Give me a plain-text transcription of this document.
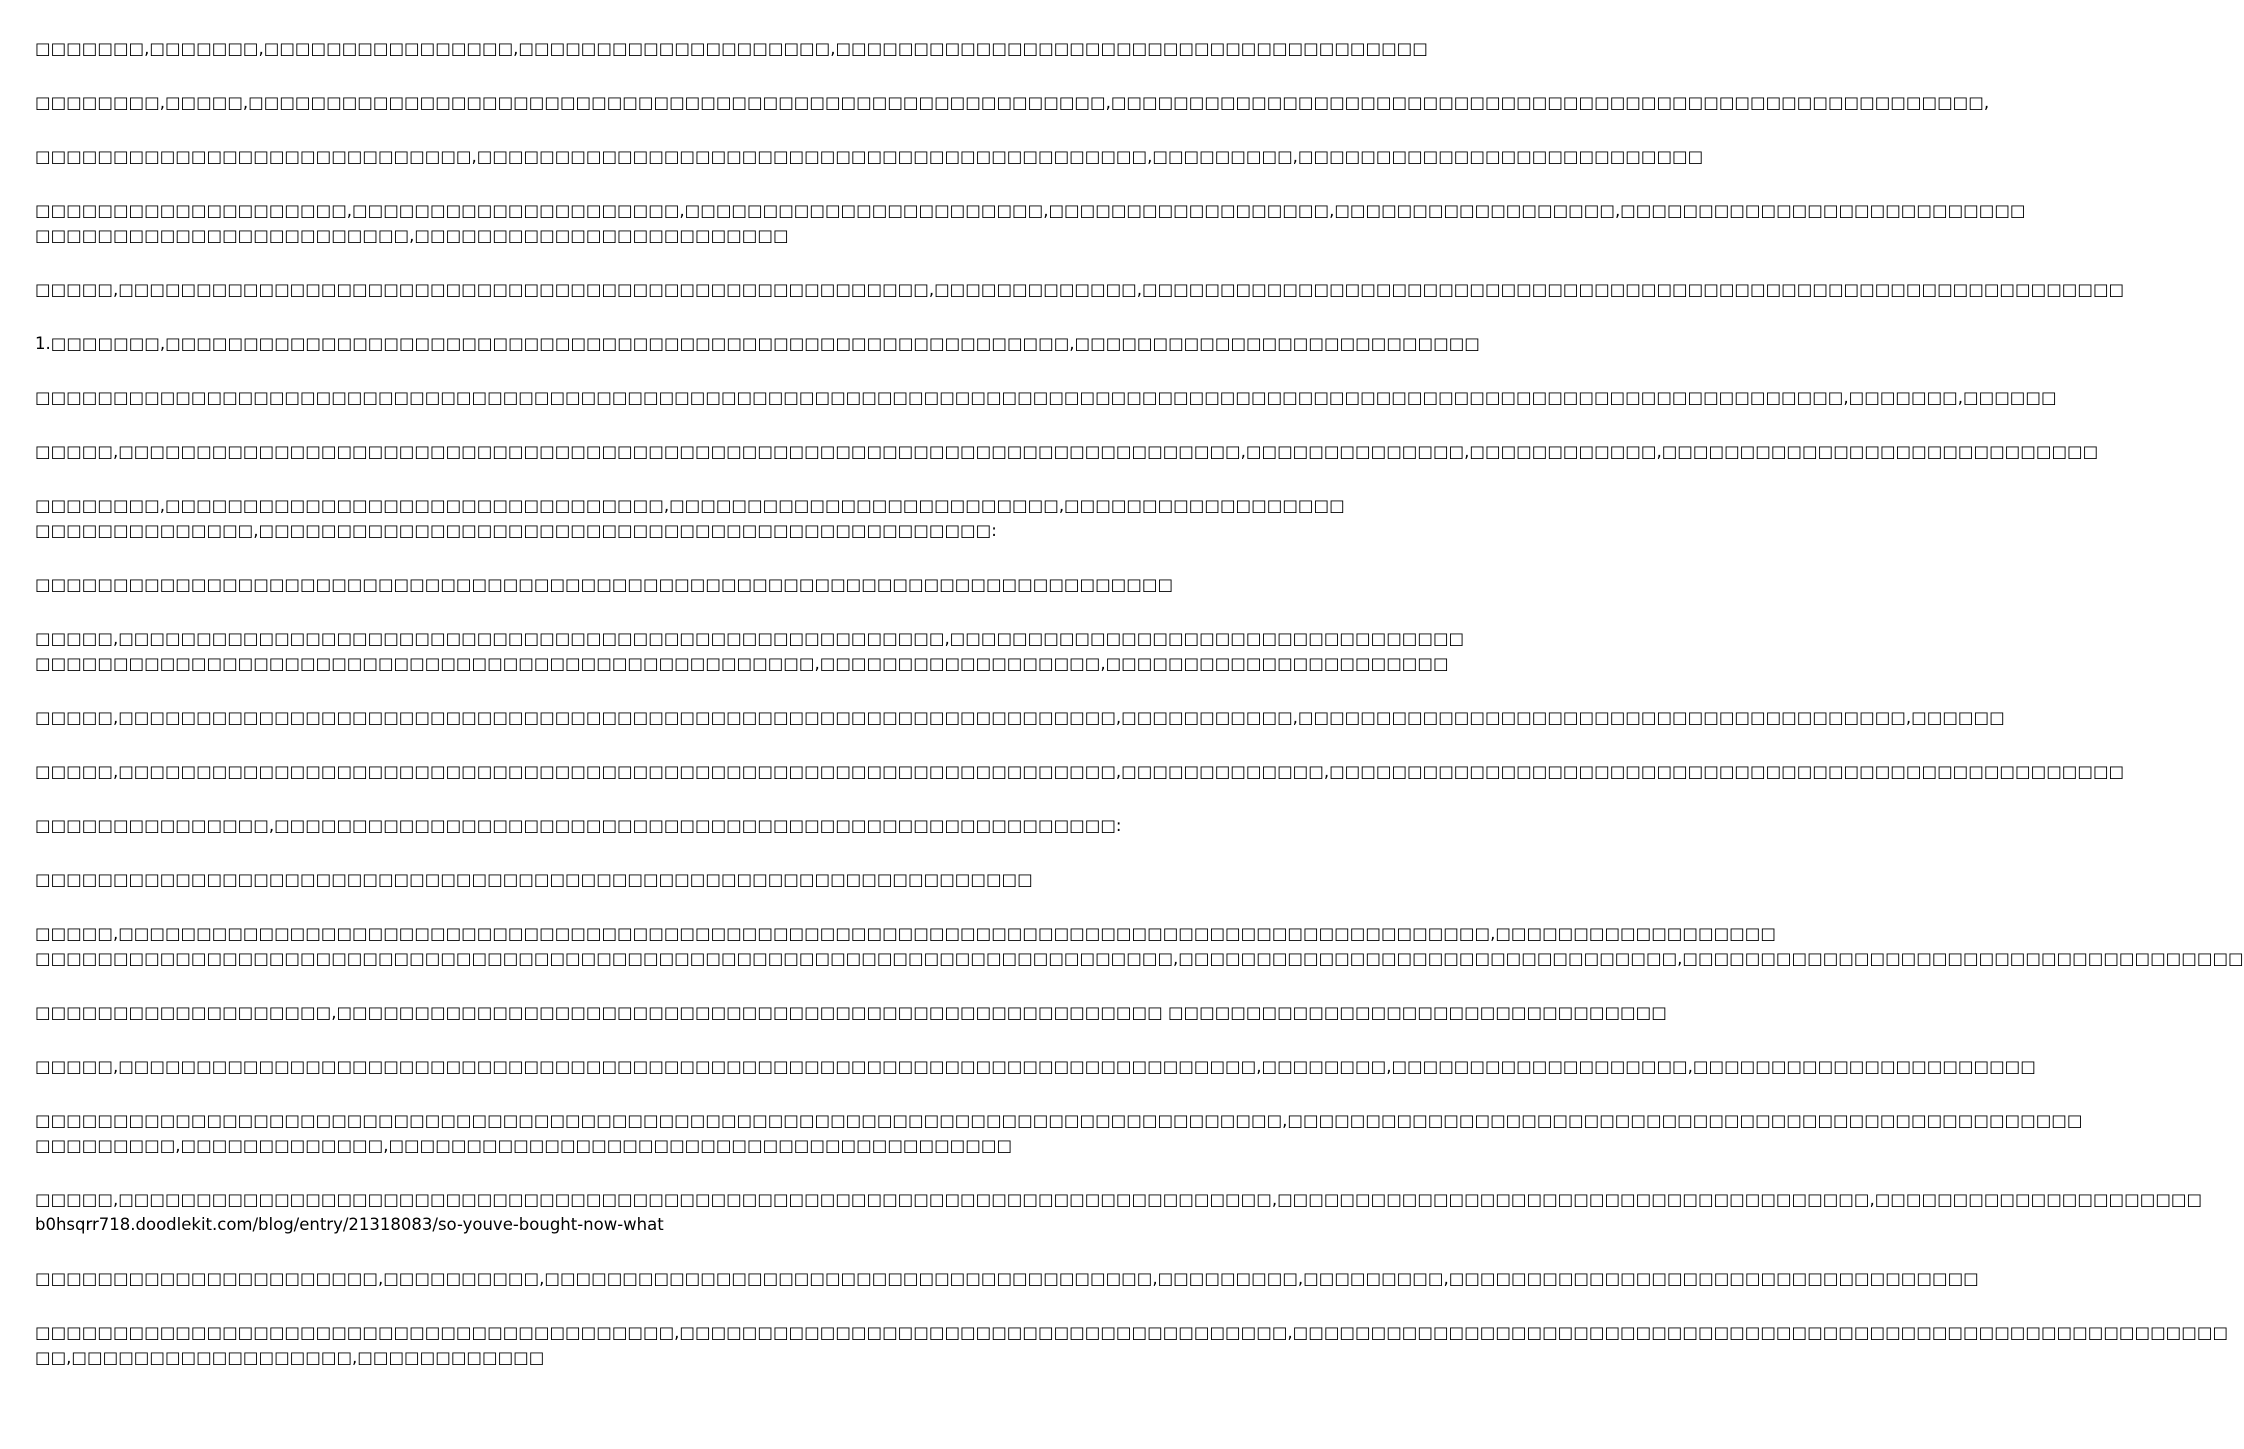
□□□□□□□,□□□□□□□,□□□□□□□□□□□□□□□□,□□□□□□□□□□□□□□□□□□□□,□□□□□□□□□□□□□□□□□□□□□□□□□□□□□□□□□□□□□□

□□□□□□□□,□□□□□,□□□□□□□□□□□□□□□□□□□□□□□□□□□□□□□□□□□□□□□□□□□□□□□□□□□□□□□,□□□□□□□□□□□□□□□□□□□□□□□□□□□□□□□□□□□□□□□□□□□□□□□□□□□□□□□□,

□□□□□□□□□□□□□□□□□□□□□□□□□□□□,□□□□□□□□□□□□□□□□□□□□□□□□□□□□□□□□□□□□□□□□□□□,□□□□□□□□□,□□□□□□□□□□□□□□□□□□□□□□□□□□

□□□□□□□□□□□□□□□□□□□□,□□□□□□□□□□□□□□□□□□□□□,□□□□□□□□□□□□□□□□□□□□□□□,□□□□□□□□□□□□□□□□□□,□□□□□□□□□□□□□□□□□□,□□□□□□□□□□□□□□□□□□□□□□□□□□
□□□□□□□□□□□□□□□□□□□□□□□□,□□□□□□□□□□□□□□□□□□□□□□□□

□□□□□,□□□□□□□□□□□□□□□□□□□□□□□□□□□□□□□□□□□□□□□□□□□□□□□□□□□□,□□□□□□□□□□□□□,□□□□□□□□□□□□□□□□□□□□□□□□□□□□□□□□□□□□□□□□□□□□□□□□□□□□□□□□□□□□□□□

1.□□□□□□□,□□□□□□□□□□□□□□□□□□□□□□□□□□□□□□□□□□□□□□□□□□□□□□□□□□□□□□□□□□,□□□□□□□□□□□□□□□□□□□□□□□□□□

□□□□□□□□□□□□□□□□□□□□□□□□□□□□□□□□□□□□□□□□□□□□□□□□□□□□□□□□□□□□□□□□□□□□□□□□□□□□□□□□□□□□□□□□□□□□□□□□□□□□□□□□□□□□□□□□□□□□,□□□□□□□,□□□□□□

□□□□□,□□□□□□□□□□□□□□□□□□□□□□□□□□□□□□□□□□□□□□□□□□□□□□□□□□□□□□□□□□□□□□□□□□□□□□□□,□□□□□□□□□□□□□□,□□□□□□□□□□□□,□□□□□□□□□□□□□□□□□□□□□□□□□□□□

□□□□□□□□,□□□□□□□□□□□□□□□□□□□□□□□□□□□□□□□□,□□□□□□□□□□□□□□□□□□□□□□□□□,□□□□□□□□□□□□□□□□□□
□□□□□□□□□□□□□□,□□□□□□□□□□□□□□□□□□□□□□□□□□□□□□□□□□□□□□□□□□□□□□□:

□□□□□□□□□□□□□□□□□□□□□□□□□□□□□□□□□□□□□□□□□□□□□□□□□□□□□□□□□□□□□□□□□□□□□□□□□

□□□□□,□□□□□□□□□□□□□□□□□□□□□□□□□□□□□□□□□□□□□□□□□□□□□□□□□□□□□,□□□□□□□□□□□□□□□□□□□□□□□□□□□□□□□□□
□□□□□□□□□□□□□□□□□□□□□□□□□□□□□□□□□□□□□□□□□□□□□□□□□□,□□□□□□□□□□□□□□□□□□,□□□□□□□□□□□□□□□□□□□□□□

□□□□□,□□□□□□□□□□□□□□□□□□□□□□□□□□□□□□□□□□□□□□□□□□□□□□□□□□□□□□□□□□□□□□□□,□□□□□□□□□□□,□□□□□□□□□□□□□□□□□□□□□□□□□□□□□□□□□□□□□□□,□□□□□□

□□□□□,□□□□□□□□□□□□□□□□□□□□□□□□□□□□□□□□□□□□□□□□□□□□□□□□□□□□□□□□□□□□□□□□,□□□□□□□□□□□□□,□□□□□□□□□□□□□□□□□□□□□□□□□□□□□□□□□□□□□□□□□□□□□□□□□□□

□□□□□□□□□□□□□□□,□□□□□□□□□□□□□□□□□□□□□□□□□□□□□□□□□□□□□□□□□□□□□□□□□□□□□□:

□□□□□□□□□□□□□□□□□□□□□□□□□□□□□□□□□□□□□□□□□□□□□□□□□□□□□□□□□□□□□□□□

□□□□□,□□□□□□□□□□□□□□□□□□□□□□□□□□□□□□□□□□□□□□□□□□□□□□□□□□□□□□□□□□□□□□□□□□□□□□□□□□□□□□□□□□□□□□□□,□□□□□□□□□□□□□□□□□□
□□□□□□□□□□□□□□□□□□□□□□□□□□□□□□□□□□□□□□□□□□□□□□□□□□□□□□□□□□□□□□□□□□□□□□□□□,□□□□□□□□□□□□□□□□□□□□□□□□□□□□□□□□,□□□□□□□□□□□□□□□□□□□□□□□□□□□□□□□□□□□□

□□□□□□□□□□□□□□□□□□□,□□□□□□□□□□□□□□□□□□□□□□□□□□□□□□□□□□□□□□□□□□□□□□□□□□□□□ □□□□□□□□□□□□□□□□□□□□□□□□□□□□□□□□

□□□□□,□□□□□□□□□□□□□□□□□□□□□□□□□□□□□□□□□□□□□□□□□□□□□□□□□□□□□□□□□□□□□□□□□□□□□□□□□,□□□□□□□□,□□□□□□□□□□□□□□□□□□□,□□□□□□□□□□□□□□□□□□□□□□

□□□□□□□□□□□□□□□□□□□□□□□□□□□□□□□□□□□□□□□□□□□□□□□□□□□□□□□□□□□□□□□□□□□□□□□□□□□□□□□□,□□□□□□□□□□□□□□□□□□□□□□□□□□□□□□□□□□□□□□□□□□□□□□□□□□□
□□□□□□□□□,□□□□□□□□□□□□□,□□□□□□□□□□□□□□□□□□□□□□□□□□□□□□□□□□□□□□□□

□□□□□,□□□□□□□□□□□□□□□□□□□□□□□□□□□□□□□□□□□□□□□□□□□□□□□□□□□□□□□□□□□□□□□□□□□□□□□□□□,□□□□□□□□□□□□□□□□□□□□□□□□□□□□□□□□□□□□□□,□□□□□□□□□□□□□□□□□□□□□
b0hsqrr718.doodlekit.com/blog/entry/21318083/so-youve-bought-now-what

□□□□□□□□□□□□□□□□□□□□□□,□□□□□□□□□□,□□□□□□□□□□□□□□□□□□□□□□□□□□□□□□□□□□□□□□□,□□□□□□□□□,□□□□□□□□□,□□□□□□□□□□□□□□□□□□□□□□□□□□□□□□□□□□

□□□□□□□□□□□□□□□□□□□□□□□□□□□□□□□□□□□□□□□□□,□□□□□□□□□□□□□□□□□□□□□□□□□□□□□□□□□□□□□□□,□□□□□□□□□□□□□□□□□□□□□□□□□□□□□□□□□□□□□□□□□□□□□□□□□□□□□□□□□□□□
□□,□□□□□□□□□□□□□□□□□□,□□□□□□□□□□□□
